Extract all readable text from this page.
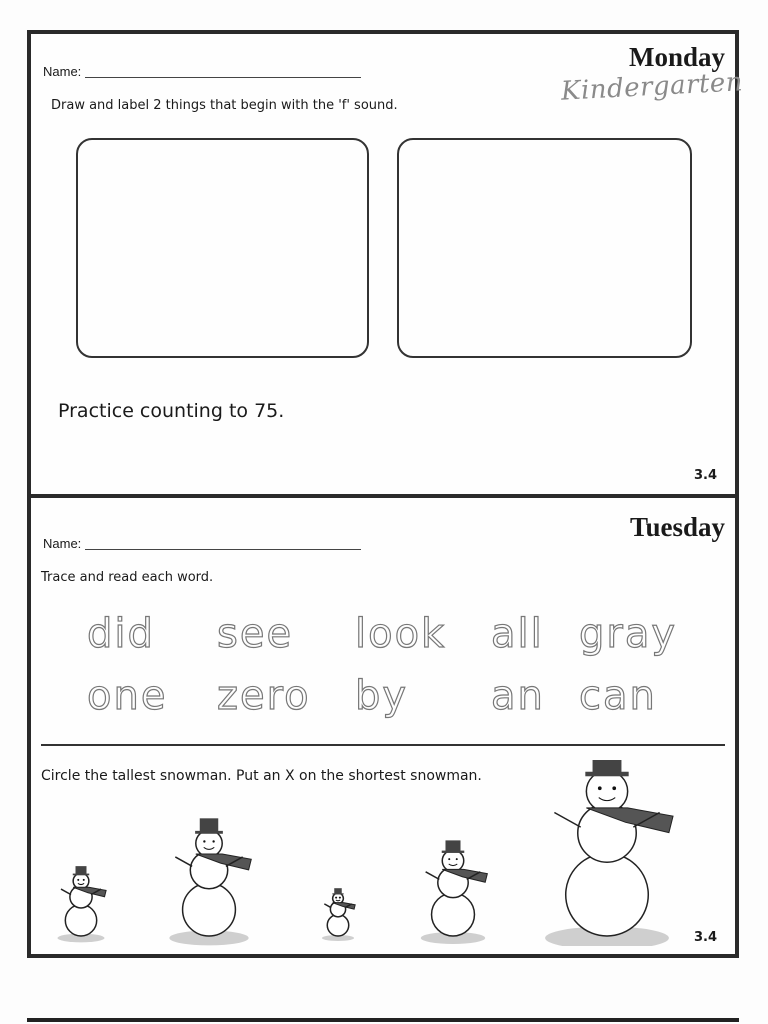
Name:	Monday
Kindergarten
Draw and label 2 things that begin with the 'f' sound.
Practice counting to 75.
3.4
Name:
Tuesday
Trace and read each word.
did see look all gray
one zero by an can
Circle the tallest snowman. Put an X on the shortest snowman.
3.4
